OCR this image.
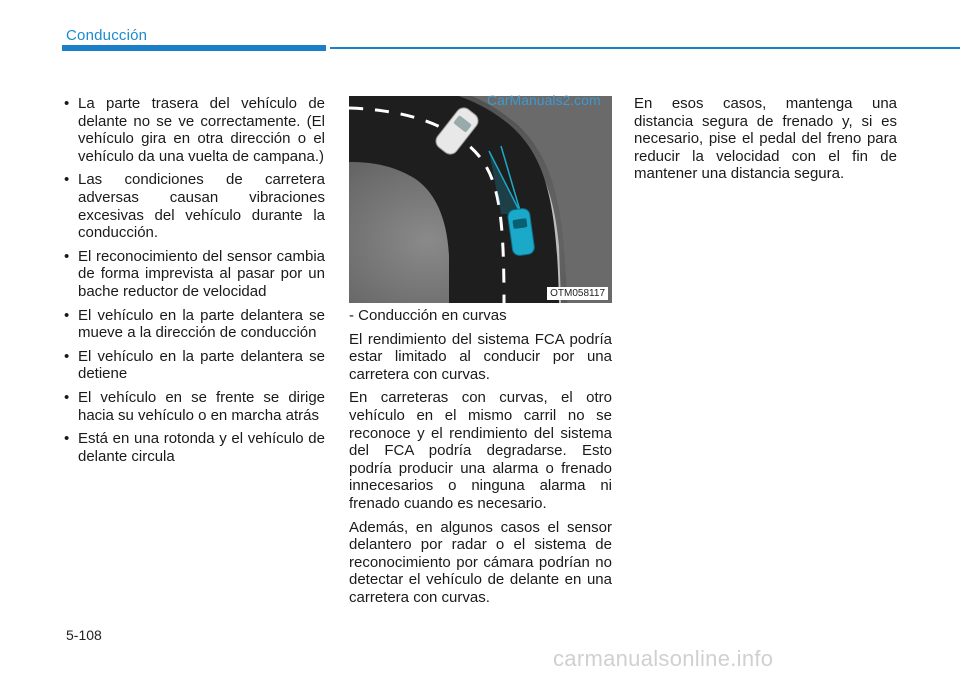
Conducción
• La parte trasera del vehículo de delante no se ve correctamente. (El vehículo gira en otra dirección o el vehículo da una vuelta de campana.)
• Las condiciones de carretera adversas causan vibraciones excesivas del vehículo durante la conducción.
• El reconocimiento del sensor cambia de forma imprevista al pasar por un bache reductor de velocidad
• El vehículo en la parte delantera se mueve a la dirección de conducción
• El vehículo en la parte delantera se detiene
• El vehículo en se frente se dirige hacia su vehículo o en marcha atrás
• Está en una rotonda y el vehículo de delante circula
OTM058117
CarManuals2.com

- Conducción en curvas

El rendimiento del sistema FCA podría estar limitado al conducir por una carretera con curvas.

En carreteras con curvas, el otro vehículo en el mismo carril no se reconoce y el rendimiento del sistema del FCA podría degradarse. Esto podría producir una alarma o frenado innecesarios o ninguna alarma ni frenado cuando es necesario.

Además, en algunos casos el sensor delantero por radar o el sistema de reconocimiento por cámara podrían no detectar el vehículo de delante en una carretera con curvas.

En esos casos, mantenga una distancia segura de frenado y, si es necesario, pise el pedal del freno para reducir la velocidad con el fin de mantener una distancia segura.

5-108
carmanualsonline.info
